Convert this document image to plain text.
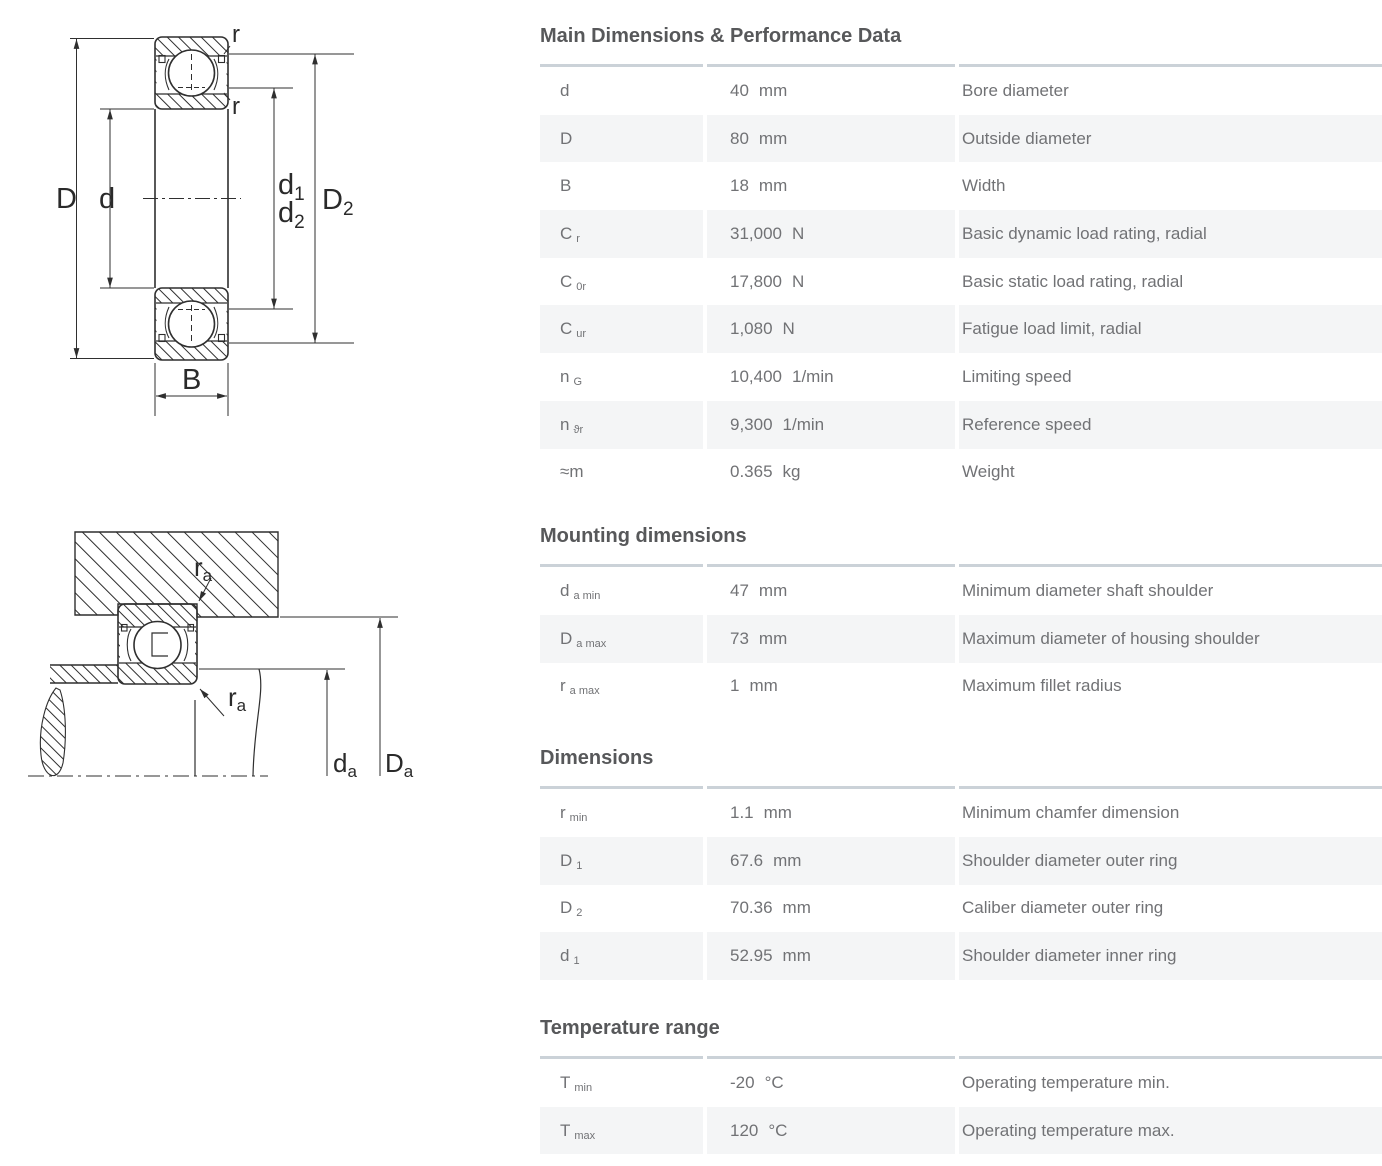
D d	$d_1$
$d_2$
$D_2$
r
r
B
ra
ra
da Da
Main Dimensions & Performance Data
d	40 mm	Bore diameter
D	80 mm	Outside diameter
B	18 mm	Width
C r	31,000 N	Basic dynamic load rating, radial
C 0r	17,800 N	Basic static load rating, radial
C ur	1,080 N	Fatigue load limit, radial
n G	10,400 1/min	Limiting speed
n ϑr	9,300 1/min	Reference speed
≈m	0.365 kg	Weight
Mounting dimensions
d a min	47 mm	Minimum diameter shaft shoulder
D a max	73 mm	Maximum diameter of housing shoulder
r a max	1 mm	Maximum fillet radius
Dimensions
r min	1.1 mm	Minimum chamfer dimension
D 1	67.6 mm	Shoulder diameter outer ring
D 2	70.36 mm	Caliber diameter outer ring
d 1	52.95 mm	Shoulder diameter inner ring
Temperature range
T min	-20 °C	Operating temperature min.
T max	120 °C	Operating temperature max.
